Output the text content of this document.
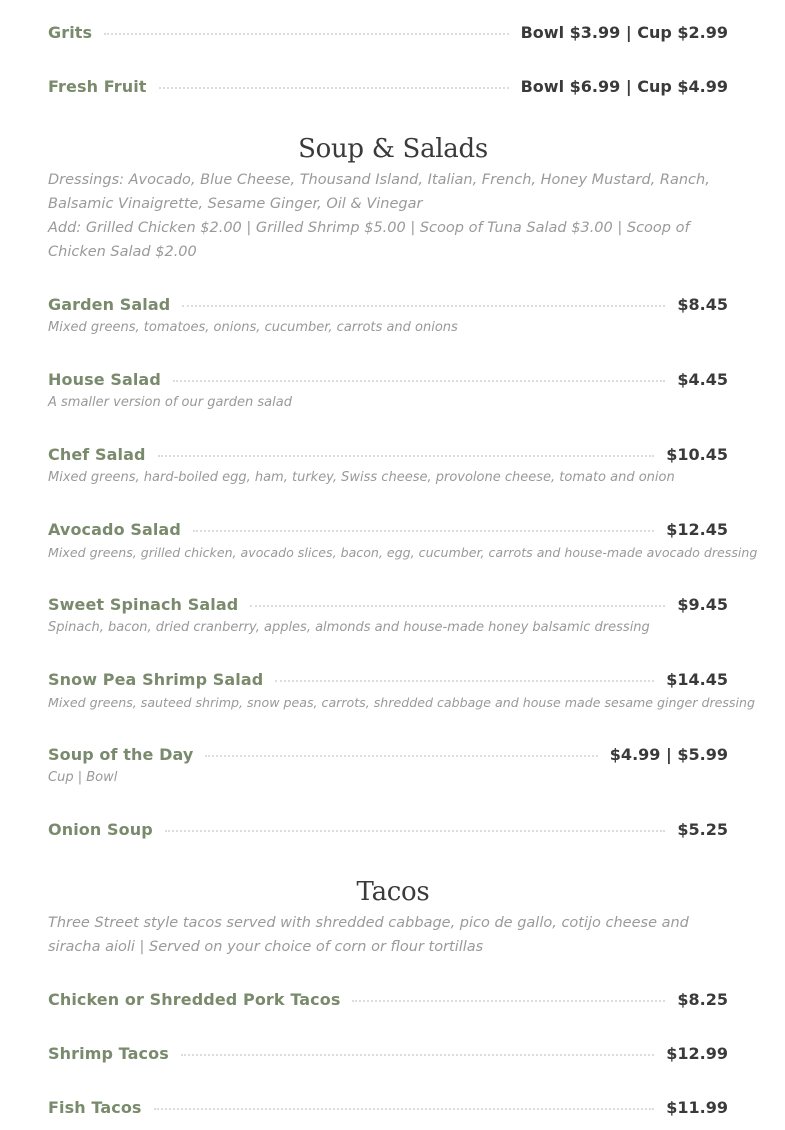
Grits	Bowl $3.99 | Cup $2.99
Fresh Fruit	Bowl $6.99 | Cup $4.99
Soup & Salads
Dressings: Avocado, Blue Cheese, Thousand Island, Italian, French, Honey Mustard, Ranch, Balsamic Vinaigrette, Sesame Ginger, Oil & Vinegar
Add: Grilled Chicken $2.00 | Grilled Shrimp $5.00 | Scoop of Tuna Salad $3.00 | Scoop of Chicken Salad $2.00
Garden Salad	$8.45
Mixed greens, tomatoes, onions, cucumber, carrots and onions
House Salad	$4.45
A smaller version of our garden salad
Chef Salad	$10.45
Mixed greens, hard-boiled egg, ham, turkey, Swiss cheese, provolone cheese, tomato and onion
Avocado Salad	$12.45
Mixed greens, grilled chicken, avocado slices, bacon, egg, cucumber, carrots and house-made avocado dressing
Sweet Spinach Salad	$9.45
Spinach, bacon, dried cranberry, apples, almonds and house-made honey balsamic dressing
Snow Pea Shrimp Salad	$14.45
Mixed greens, sauteed shrimp, snow peas, carrots, shredded cabbage and house made sesame ginger dressing
Soup of the Day	$4.99 | $5.99
Cup | Bowl
Onion Soup	$5.25
Tacos
Three Street style tacos served with shredded cabbage, pico de gallo, cotijo cheese and siracha aioli | Served on your choice of corn or flour tortillas
Chicken or Shredded Pork Tacos	$8.25
Shrimp Tacos	$12.99
Fish Tacos	$11.99
